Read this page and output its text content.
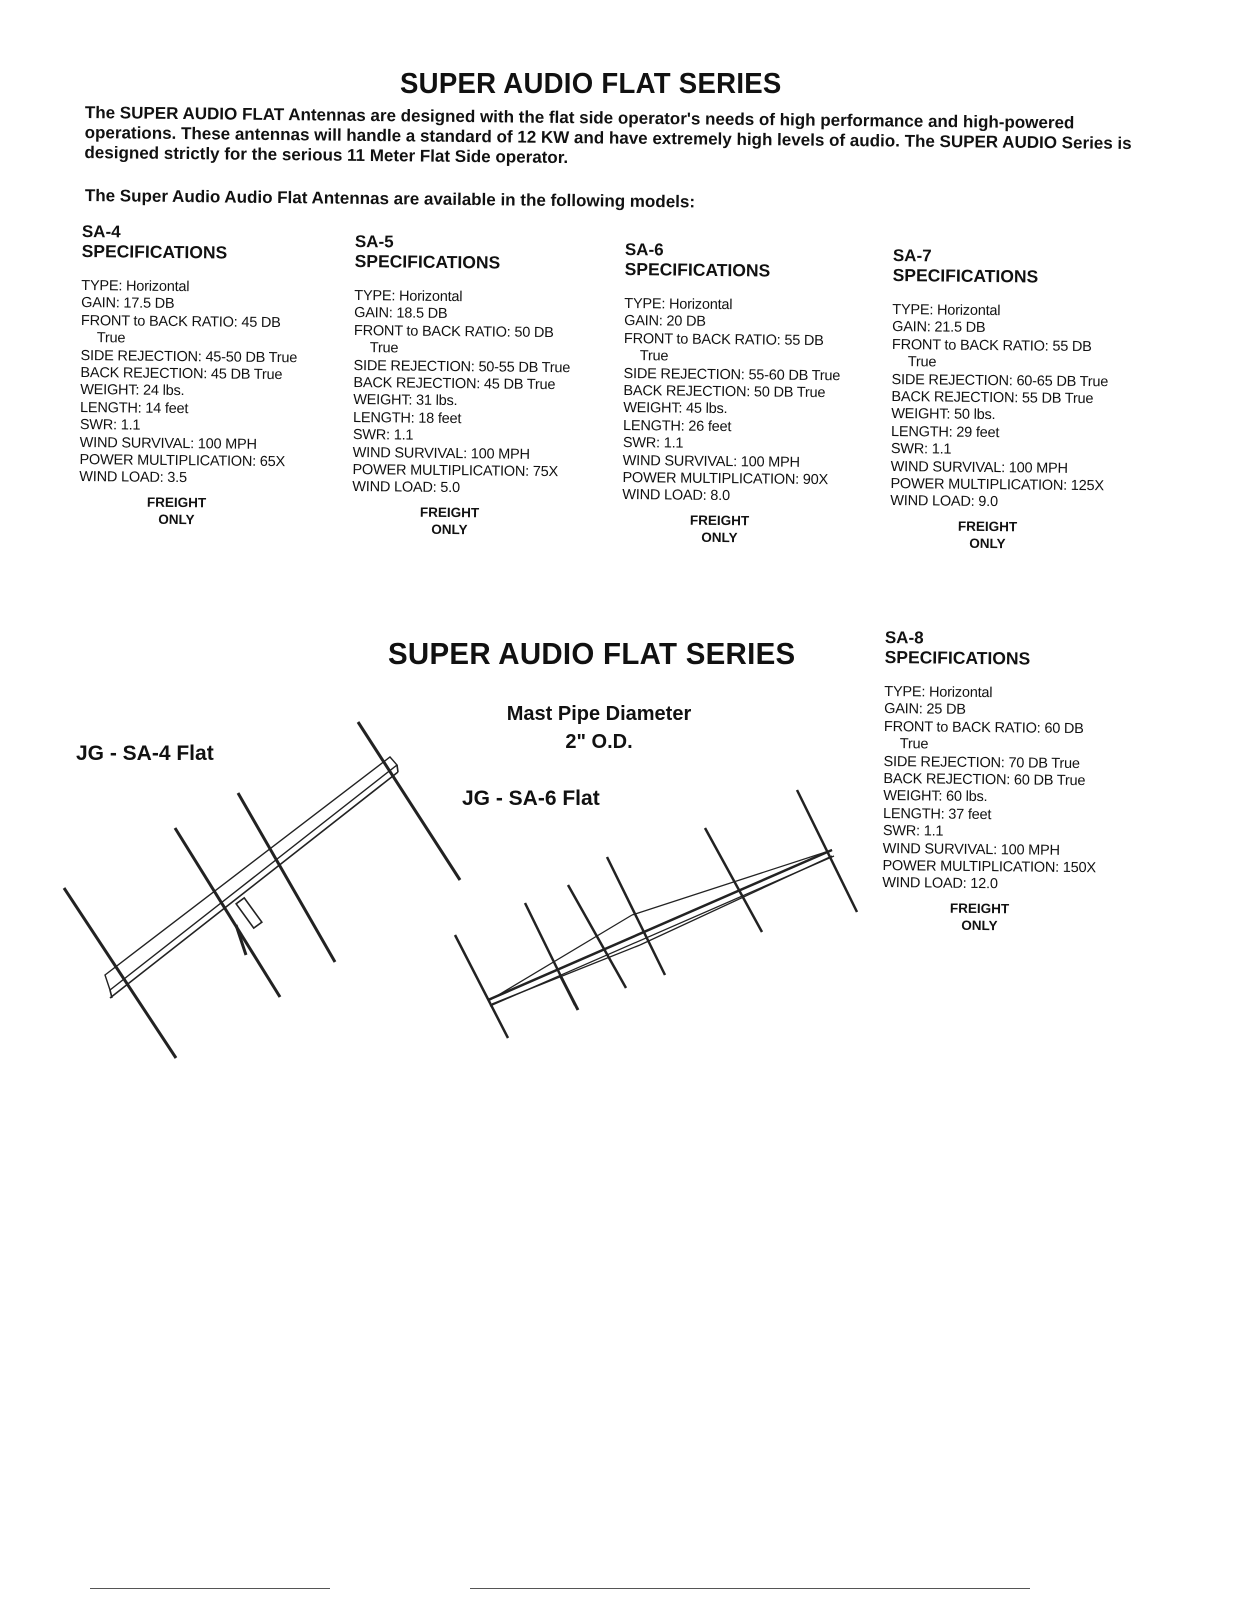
SUPER AUDIO FLAT SERIES
The SUPER AUDIO FLAT Antennas are designed with the flat side operator's needs of high performance and high-powered operations. These antennas will handle a standard of 12 KW and have extremely high levels of audio. The SUPER AUDIO Series is designed strictly for the serious 11 Meter Flat Side operator.
The Super Audio Audio Flat Antennas are available in the following models:
SA-4
SPECIFICATIONS
TYPE: Horizontal
GAIN: 17.5 DB
FRONT to BACK RATIO: 45 DB
True
SIDE REJECTION: 45-50 DB True
BACK REJECTION: 45 DB True
WEIGHT: 24 lbs.
LENGTH: 14 feet
SWR: 1.1
WIND SURVIVAL: 100 MPH
POWER MULTIPLICATION: 65X
WIND LOAD: 3.5
FREIGHT
ONLY
SA-5
SPECIFICATIONS
TYPE: Horizontal
GAIN: 18.5 DB
FRONT to BACK RATIO: 50 DB
True
SIDE REJECTION: 50-55 DB True
BACK REJECTION: 45 DB True
WEIGHT: 31 lbs.
LENGTH: 18 feet
SWR: 1.1
WIND SURVIVAL: 100 MPH
POWER MULTIPLICATION: 75X
WIND LOAD: 5.0
FREIGHT
ONLY
SA-6
SPECIFICATIONS
TYPE: Horizontal
GAIN: 20 DB
FRONT to BACK RATIO: 55 DB
True
SIDE REJECTION: 55-60 DB True
BACK REJECTION: 50 DB True
WEIGHT: 45 lbs.
LENGTH: 26 feet
SWR: 1.1
WIND SURVIVAL: 100 MPH
POWER MULTIPLICATION: 90X
WIND LOAD: 8.0
FREIGHT
ONLY
SA-7
SPECIFICATIONS
TYPE: Horizontal
GAIN: 21.5 DB
FRONT to BACK RATIO: 55 DB
True
SIDE REJECTION: 60-65 DB True
BACK REJECTION: 55 DB True
WEIGHT: 50 lbs.
LENGTH: 29 feet
SWR: 1.1
WIND SURVIVAL: 100 MPH
POWER MULTIPLICATION: 125X
WIND LOAD: 9.0
FREIGHT
ONLY
SA-8
SPECIFICATIONS
TYPE: Horizontal
GAIN: 25 DB
FRONT to BACK RATIO: 60 DB
True
SIDE REJECTION: 70 DB True
BACK REJECTION: 60 DB True
WEIGHT: 60 lbs.
LENGTH: 37 feet
SWR: 1.1
WIND SURVIVAL: 100 MPH
POWER MULTIPLICATION: 150X
WIND LOAD: 12.0
FREIGHT
ONLY
SUPER AUDIO FLAT SERIES
Mast Pipe Diameter
2" O.D.
JG - SA-4 Flat
JG - SA-6 Flat
